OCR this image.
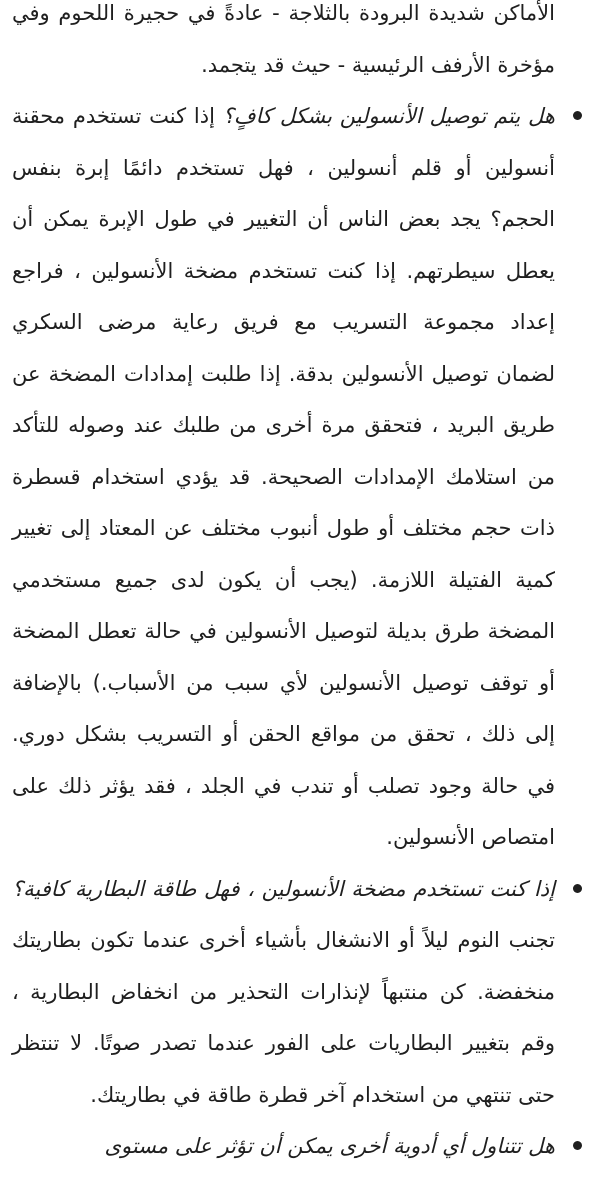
الأماكن شديدة البرودة بالثلاجة - عادةً في حجيرة اللحوم وفي مؤخرة الأرفف الرئيسية - حيث قد يتجمد.

هل يتم توصيل الأنسولين بشكل كافٍ؟ إذا كنت تستخدم محقنة أنسولين أو قلم أنسولين ، فهل تستخدم دائمًا إبرة بنفس الحجم؟ يجد بعض الناس أن التغيير في طول الإبرة يمكن أن يعطل سيطرتهم. إذا كنت تستخدم مضخة الأنسولين ، فراجع إعداد مجموعة التسريب مع فريق رعاية مرضى السكري لضمان توصيل الأنسولين بدقة. إذا طلبت إمدادات المضخة عن طريق البريد ، فتحقق مرة أخرى من طلبك عند وصوله للتأكد من استلامك الإمدادات الصحيحة. قد يؤدي استخدام قسطرة ذات حجم مختلف أو طول أنبوب مختلف عن المعتاد إلى تغيير كمية الفتيلة اللازمة. (يجب أن يكون لدى جميع مستخدمي المضخة طرق بديلة لتوصيل الأنسولين في حالة تعطل المضخة أو توقف توصيل الأنسولين لأي سبب من الأسباب.) بالإضافة إلى ذلك ، تحقق من مواقع الحقن أو التسريب بشكل دوري. في حالة وجود تصلب أو تندب في الجلد ، فقد يؤثر ذلك على امتصاص الأنسولين.
إذا كنت تستخدم مضخة الأنسولين ، فهل طاقة البطارية كافية؟ تجنب النوم ليلاً أو الانشغال بأشياء أخرى عندما تكون بطاريتك منخفضة. كن منتبهاً لإنذارات التحذير من انخفاض البطارية ، وقم بتغيير البطاريات على الفور عندما تصدر صوتًا. لا تنتظر حتى تنتهي من استخدام آخر قطرة طاقة في بطاريتك.
هل تتناول أي أدوية أخرى يمكن أن تؤثر على مستوى
